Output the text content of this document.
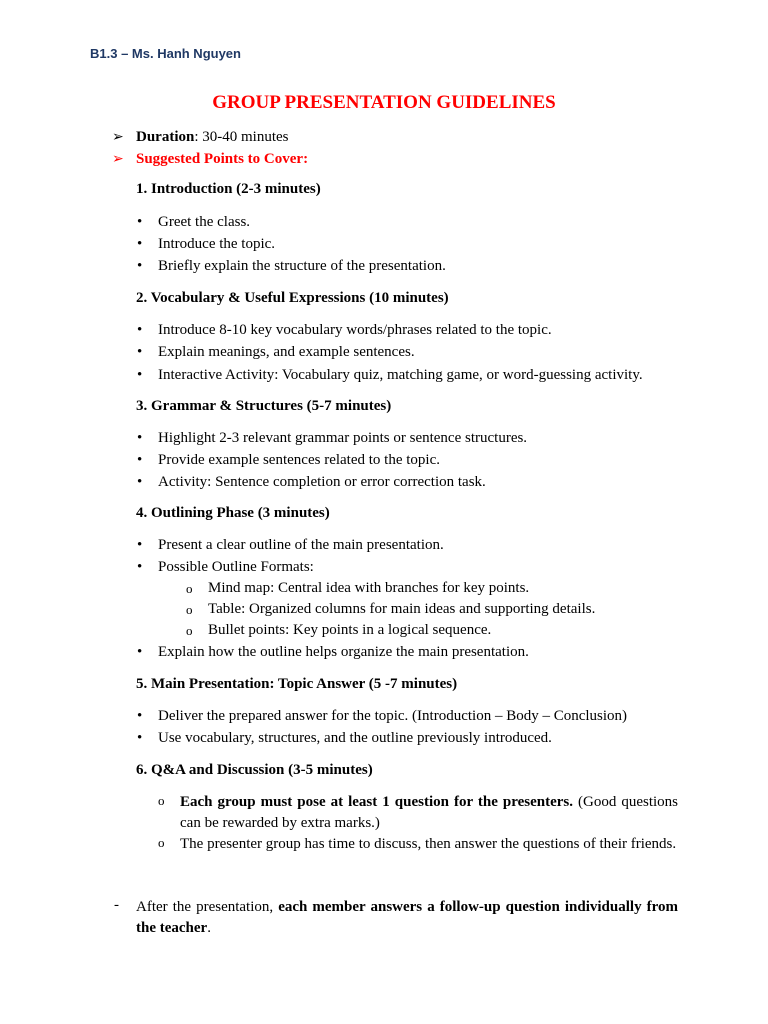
B1.3 – Ms. Hanh Nguyen
GROUP PRESENTATION GUIDELINES
➢ Duration: 30-40 minutes
➢ Suggested Points to Cover:
1. Introduction (2-3 minutes)
• Greet the class.
• Introduce the topic.
• Briefly explain the structure of the presentation.
2. Vocabulary & Useful Expressions (10 minutes)
• Introduce 8-10 key vocabulary words/phrases related to the topic.
• Explain meanings, and example sentences.
• Interactive Activity: Vocabulary quiz, matching game, or word-guessing activity.
3. Grammar & Structures (5-7 minutes)
• Highlight 2-3 relevant grammar points or sentence structures.
• Provide example sentences related to the topic.
• Activity: Sentence completion or error correction task.
4. Outlining Phase (3 minutes)
• Present a clear outline of the main presentation.
• Possible Outline Formats:
o Mind map: Central idea with branches for key points.
o Table: Organized columns for main ideas and supporting details.
o Bullet points: Key points in a logical sequence.
• Explain how the outline helps organize the main presentation.
5. Main Presentation: Topic Answer (5 -7 minutes)
• Deliver the prepared answer for the topic. (Introduction – Body – Conclusion)
• Use vocabulary, structures, and the outline previously introduced.
6. Q&A and Discussion (3-5 minutes)
o Each group must pose at least 1 question for the presenters. (Good questions can be rewarded by extra marks.)
o The presenter group has time to discuss, then answer the questions of their friends.
- After the presentation, each member answers a follow-up question individually from the teacher.
